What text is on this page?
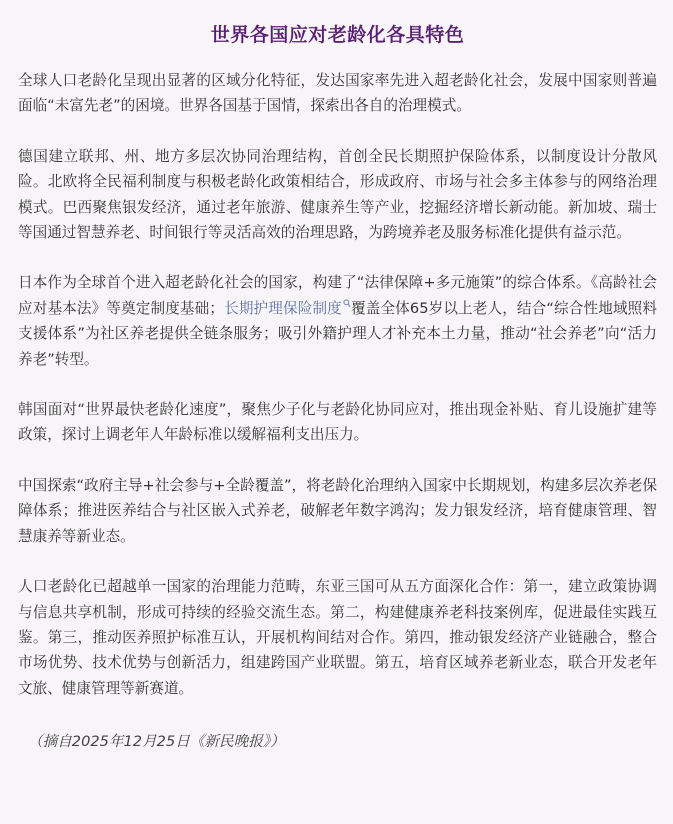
世界各国应对老龄化各具特色

全球人口老龄化呈现出显著的区域分化特征，发达国家率先进入超老龄化社会，发展中国家则普遍面临“未富先老”的困境。世界各国基于国情，探索出各自的治理模式。

德国建立联邦、州、地方多层次协同治理结构，首创全民长期照护保险体系，以制度设计分散风险。北欧将全民福利制度与积极老龄化政策相结合，形成政府、市场与社会多主体参与的网络治理模式。巴西聚焦银发经济，通过老年旅游、健康养生等产业，挖掘经济增长新动能。新加坡、瑞士等国通过智慧养老、时间银行等灵活高效的治理思路，为跨境养老及服务标准化提供有益示范。

日本作为全球首个进入超老龄化社会的国家，构建了“法律保障+多元施策”的综合体系。《高龄社会应对基本法》等奠定制度基础；长期护理保险制度 覆盖全体65岁以上老人，结合“综合性地域照料支援体系”为社区养老提供全链条服务；吸引外籍护理人才补充本土力量，推动“社会养老”向“活力养老”转型。

韩国面对“世界最快老龄化速度”，聚焦少子化与老龄化协同应对，推出现金补贴、育儿设施扩建等政策，探讨上调老年人年龄标准以缓解福利支出压力。

中国探索“政府主导+社会参与+全龄覆盖”，将老龄化治理纳入国家中长期规划，构建多层次养老保障体系；推进医养结合与社区嵌入式养老，破解老年数字鸿沟；发力银发经济，培育健康管理、智慧康养等新业态。

人口老龄化已超越单一国家的治理能力范畴，东亚三国可从五方面深化合作：第一，建立政策协调与信息共享机制，形成可持续的经验交流生态。第二，构建健康养老科技案例库，促进最佳实践互鉴。第三，推动医养照护标准互认，开展机构间结对合作。第四，推动银发经济产业链融合，整合市场优势、技术优势与创新活力，组建跨国产业联盟。第五，培育区域养老新业态，联合开发老年文旅、健康管理等新赛道。

（摘自2025年12月25日《新民晚报》）
